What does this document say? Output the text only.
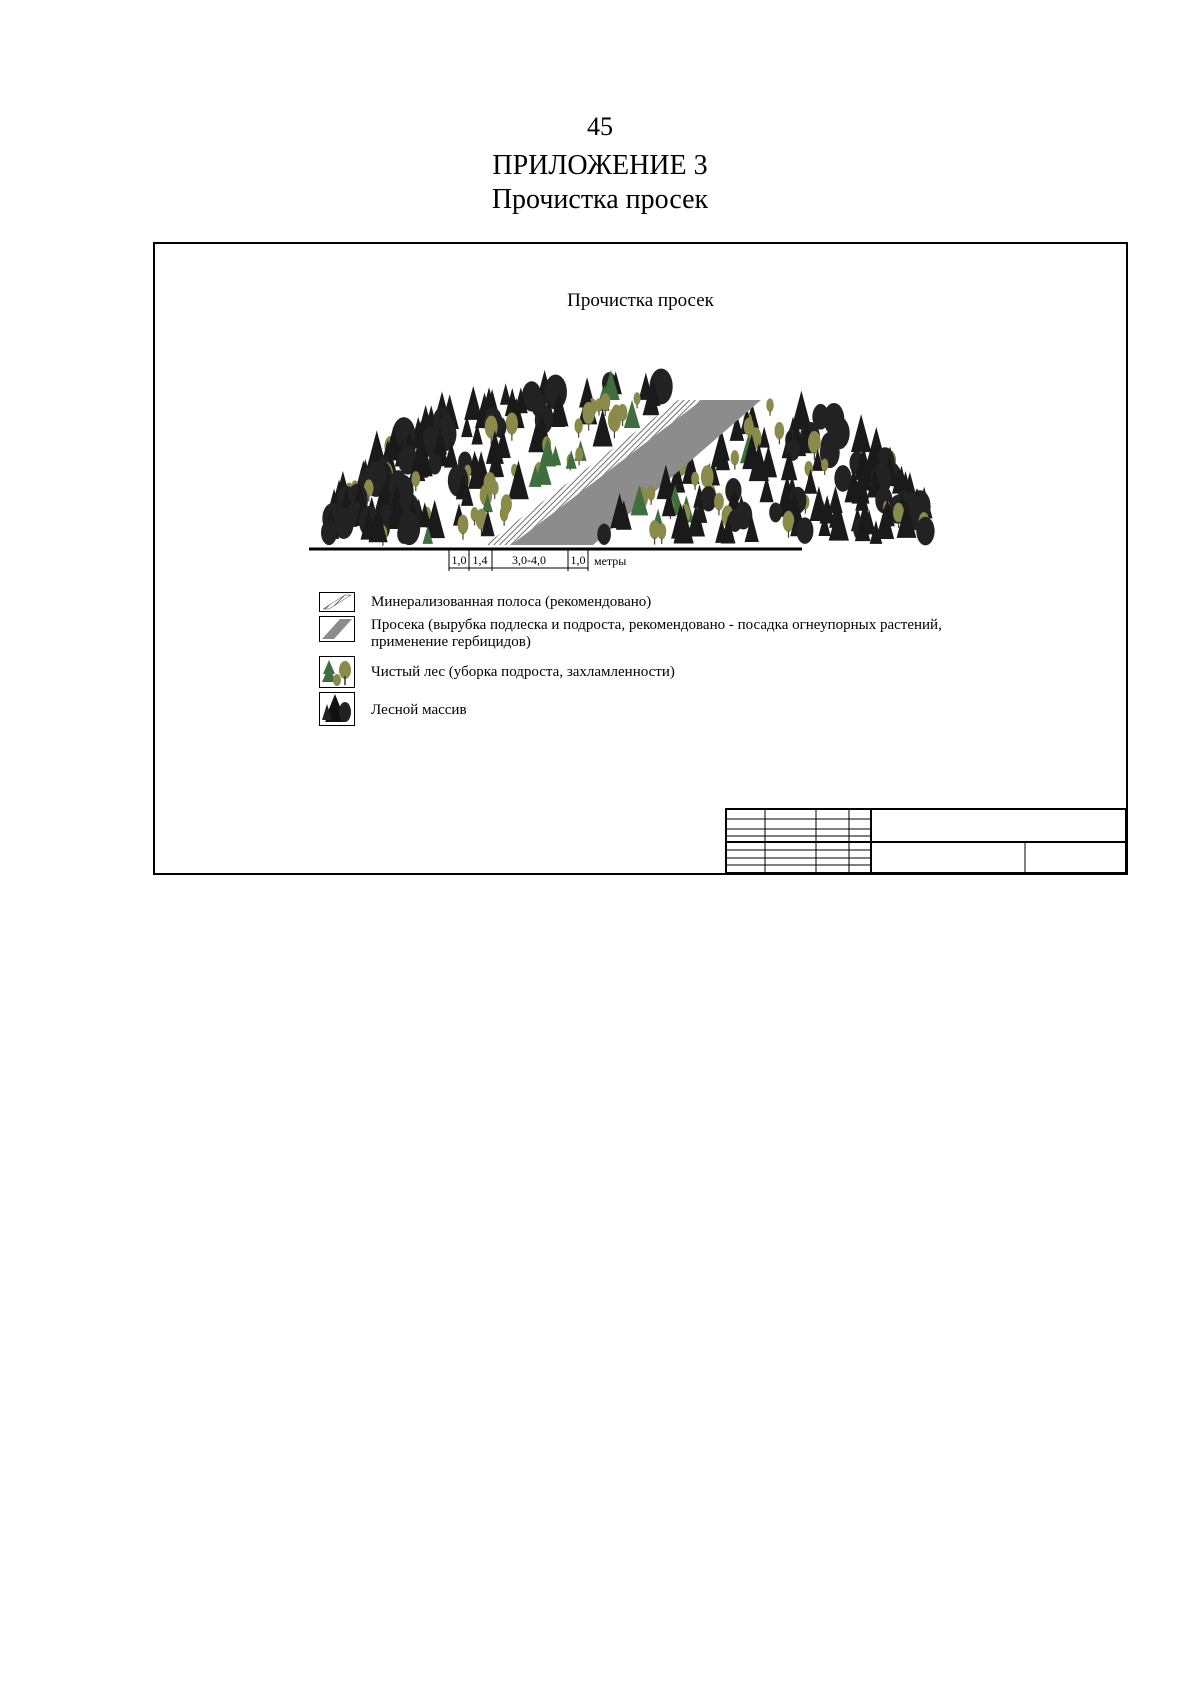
45
ПРИЛОЖЕНИЕ 3
Прочистка просек
Прочистка просек
1,0 1,4 3,0-4,0 1,0 метры
Минерализованная полоса (рекомендовано)
Просека (вырубка подлеска и подроста, рекомендовано - посадка огнеупорных растений,
применение гербицидов)
Чистый лес (уборка подроста, захламленности)
Лесной массив
